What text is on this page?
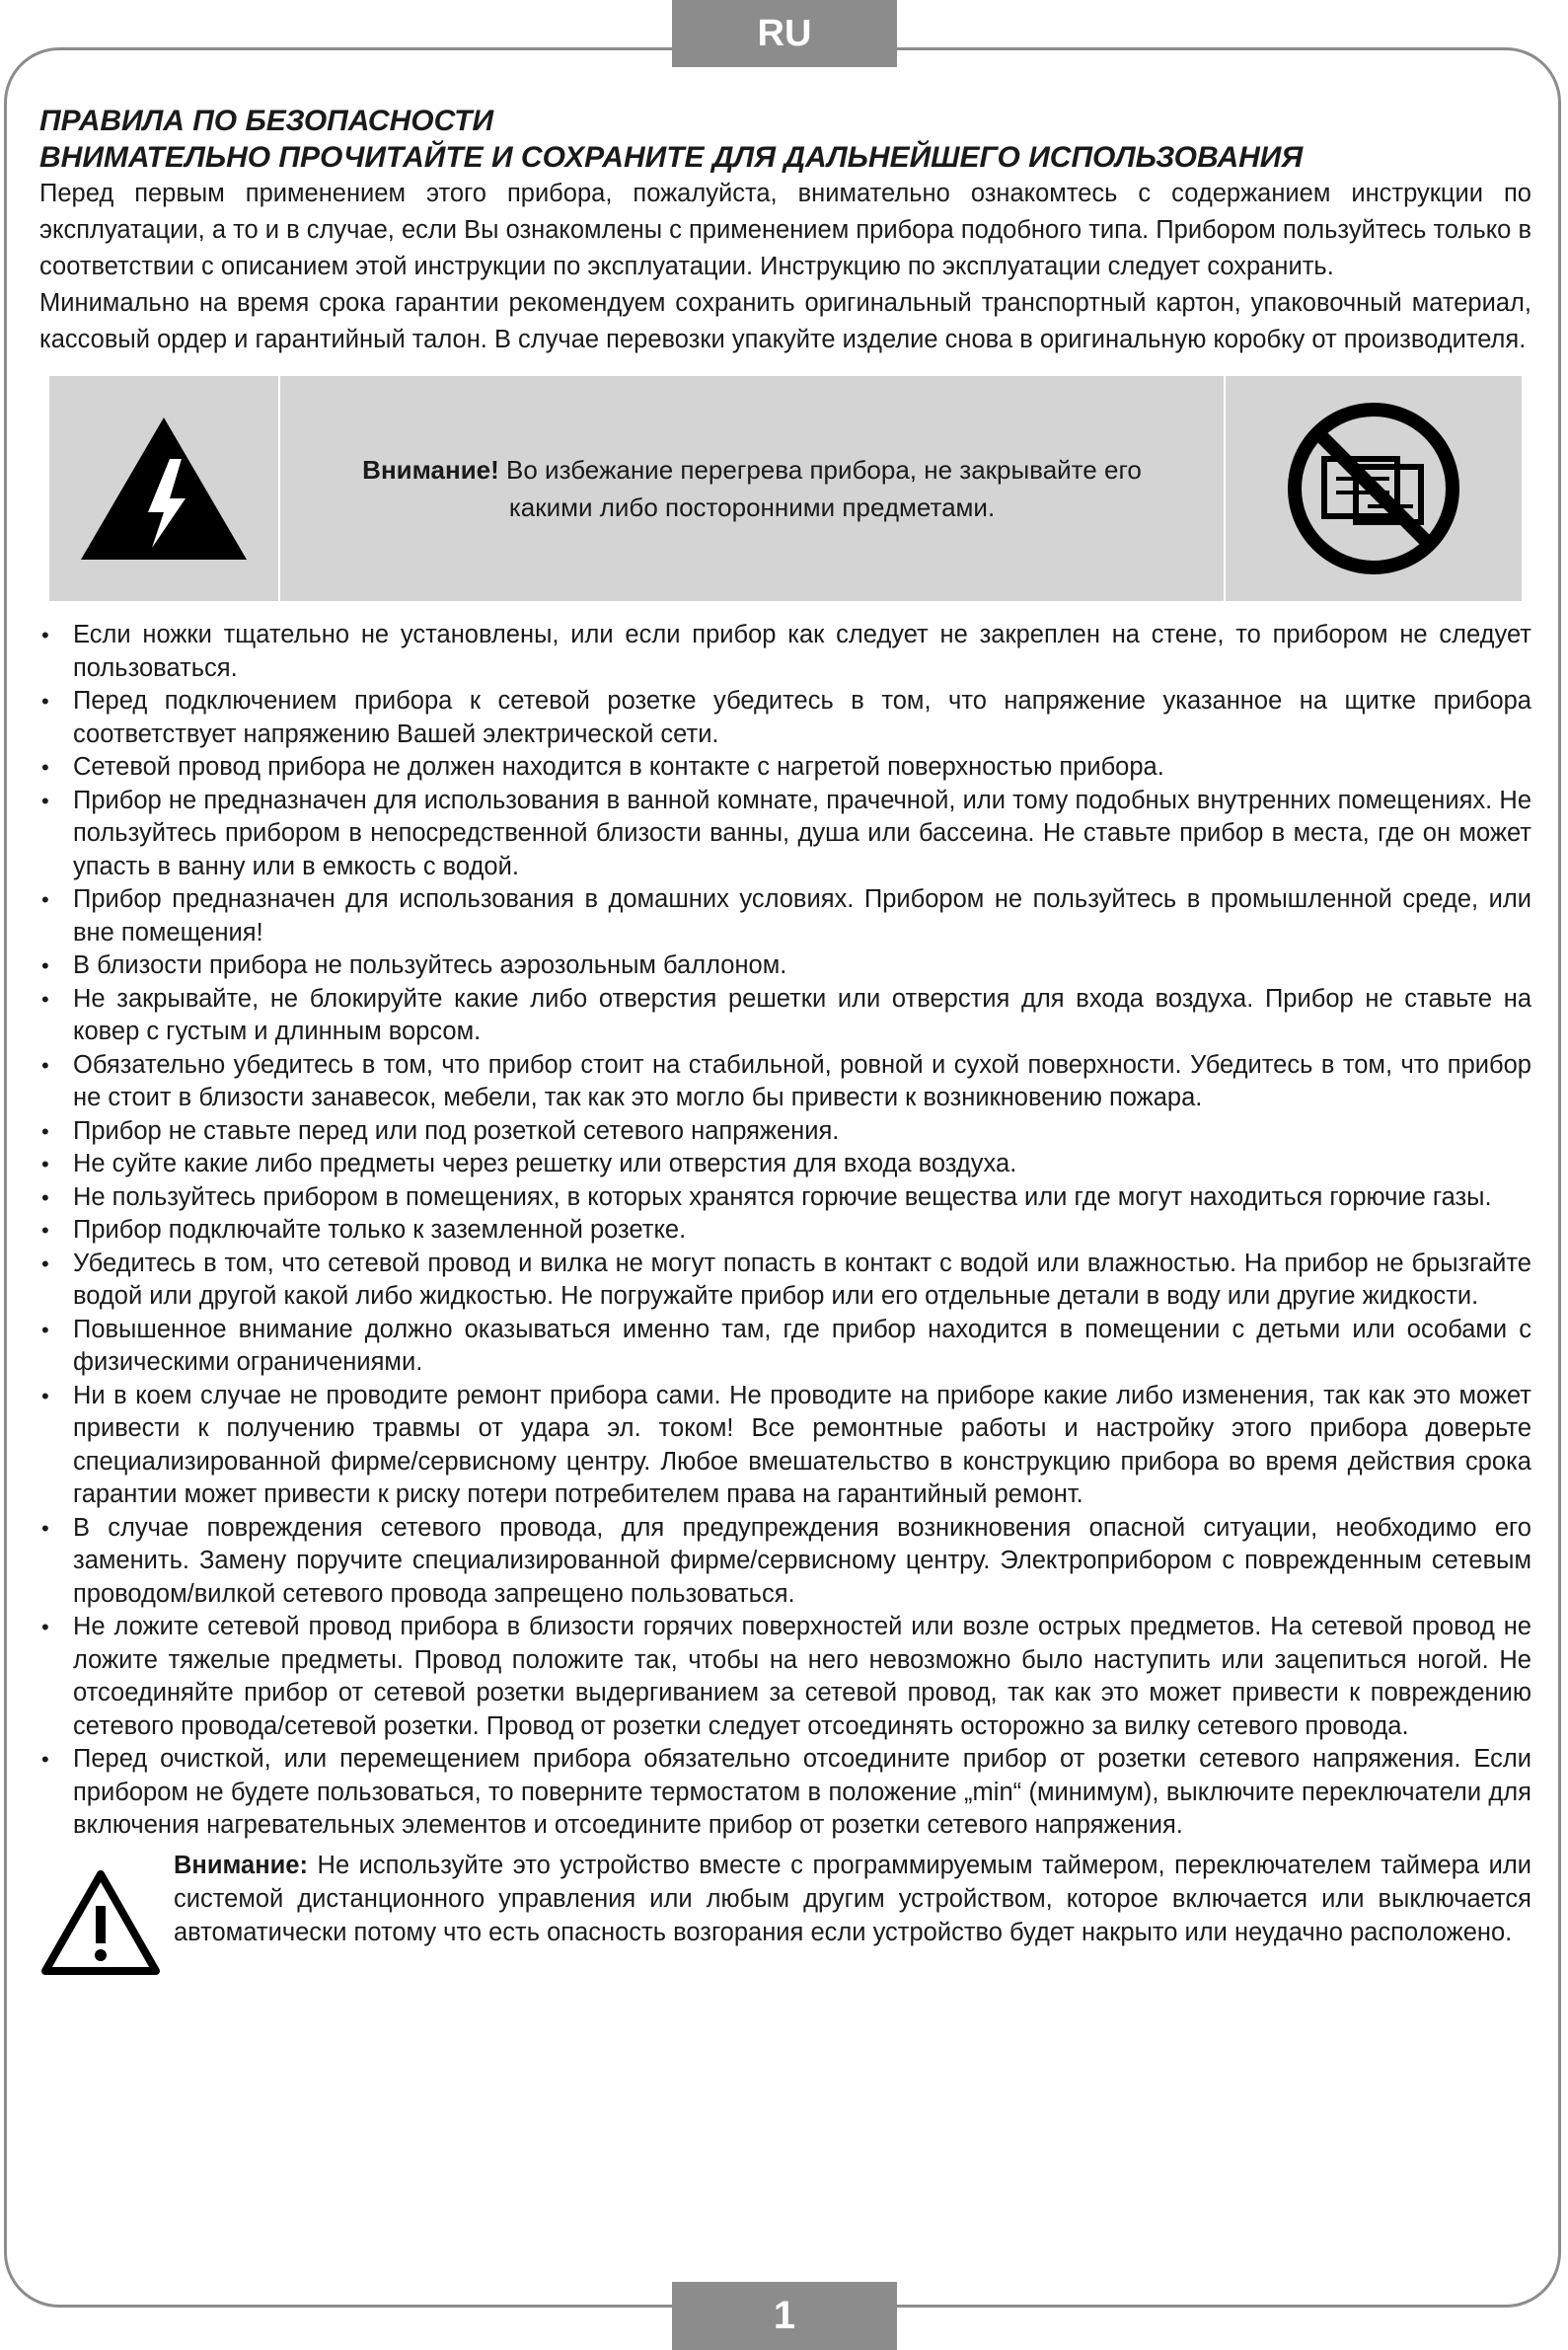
RU
ПРАВИЛА ПО БЕЗОПАСНОСТИ
ВНИМАТЕЛЬНО ПРОЧИТАЙТЕ И СОХРАНИТЕ ДЛЯ ДАЛЬНЕЙШЕГО ИСПОЛЬЗОВАНИЯ

Перед первым применением этого прибора, пожалуйста, внимательно ознакомтесь с содержанием инструкции по эксплуатации, а то и в случае, если Вы ознакомлены с применением прибора подобного типа. Прибором пользуйтесь только в соответствии с описанием этой инструкции по эксплуатации. Инструкцию по эксплуатации следует сохранить.

Минимально на время срока гарантии рекомендуем сохранить оригинальный транспортный картон, упаковочный материал, кассовый ордер и гарантийный талон. В случае перевозки упакуйте изделие снова в оригинальную коробку от производителя.

Внимание! Во избежание перегрева прибора, не закрывайте его какими либо посторонними предметами.
• Если ножки тщательно не установлены, или если прибор как следует не закреплен на стене, то прибором не следует пользоваться.
• Перед подключением прибора к сетевой розетке убедитесь в том, что напряжение указанное на щитке прибора соответствует напряжению Вашей электрической сети.
• Сетевой провод прибора не должен находится в контакте с нагретой поверхностью прибора.
• Прибор не предназначен для использования в ванной комнате, прачечной, или тому подобных внутренних помещениях. Не пользуйтесь прибором в непосредственной близости ванны, душа или бассеина. Не ставьте прибор в места, где он может упасть в ванну или в емкость с водой.
• Прибор предназначен для использования в домашних условиях. Прибором не пользуйтесь в промышленной среде, или вне помещения!
• В близости прибора не пользуйтесь аэрозольным баллоном.
• Не закрывайте, не блокируйте какие либо отверстия решетки или отверстия для входа воздуха. Прибор не ставьте на ковер с густым и длинным ворсом.
• Обязательно убедитесь в том, что прибор стоит на стабильной, ровной и сухой поверхности. Убедитесь в том, что прибор не стоит в близости занавесок, мебели, так как это могло бы привести к возникновению пожара.
• Прибор не ставьте перед или под розеткой сетевого напряжения.
• Не суйте какие либо предметы через решетку или отверстия для входа воздуха.
• Не пользуйтесь прибором в помещениях, в которых хранятся горючие вещества или где могут находиться горючие газы.
• Прибор подключайте только к заземленной розетке.
• Убедитесь в том, что сетевой провод и вилка не могут попасть в контакт с водой или влажностью. На прибор не брызгайте водой или другой какой либо жидкостью. Не погружайте прибор или его отдельные детали в воду или другие жидкости.
• Повышенное внимание должно оказываться именно там, где прибор находится в помещении с детьми или особами с физическими ограничениями.
• Ни в коем случае не проводите ремонт прибора сами. Не проводите на приборе какие либо изменения, так как это может привести к получению травмы от удара эл. током! Все ремонтные работы и настройку этого прибора доверьте специализированной фирме/сервисному центру. Любое вмешательство в конструкцию прибора во время действия срока гарантии может привести к риску потери потребителем права на гарантийный ремонт.
• В случае повреждения сетевого провода, для предупреждения возникновения опасной ситуации, необходимо его заменить. Замену поручите специализированной фирме/сервисному центру. Электроприбором с поврежденным сетевым проводом/вилкой сетевого провода запрещено пользоваться.
• Не ложите сетевой провод прибора в близости горячих поверхностей или возле острых предметов. На сетевой провод не ложите тяжелые предметы. Провод положите так, чтобы на него невозможно было наступить или зацепиться ногой. Не отсоединяйте прибор от сетевой розетки выдергиванием за сетевой провод, так как это может привести к повреждению сетевого провода/сетевой розетки. Провод от розетки следует отсоединять осторожно за вилку сетевого провода.
• Перед очисткой, или перемещением прибора обязательно отсоедините прибор от розетки сетевого напряжения. Если прибором не будете пользоваться, то поверните термостатом в положение „min“ (минимум), выключите переключатели для включения нагревательных элементов и отсоедините прибор от розетки сетевого напряжения.
Внимание: Не используйте это устройство вместе с программируемым таймером, переключателем таймера или системой дистанционного управления или любым другим устройством, которое включается или выключается автоматически потому что есть опасность возгорания если устройство будет накрыто или неудачно расположено.
1
